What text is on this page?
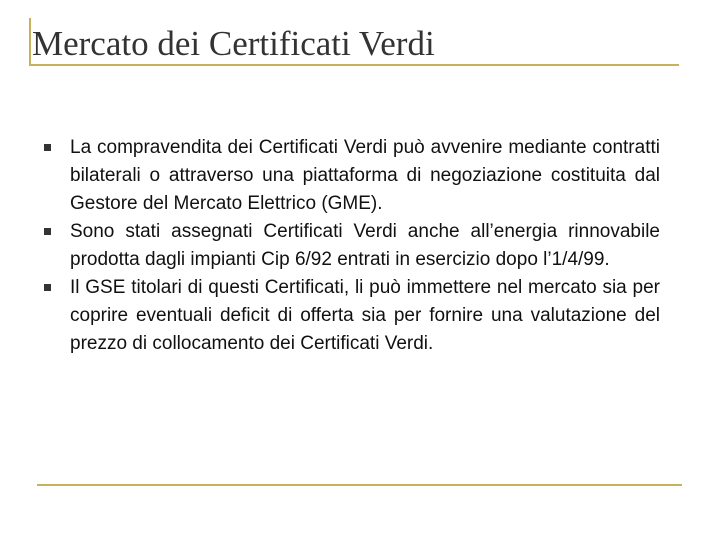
Mercato dei Certificati Verdi
La compravendita dei Certificati Verdi può avvenire mediante contratti bilaterali o attraverso una piattaforma di negoziazione costituita dal Gestore del Mercato Elettrico (GME).
Sono stati assegnati Certificati Verdi anche all’energia rinnovabile prodotta dagli impianti Cip 6/92 entrati in esercizio dopo l’1/4/99.
Il GSE titolari di questi Certificati, li può immettere nel mercato sia per coprire eventuali deficit di offerta sia per fornire una valutazione del prezzo di collocamento dei Certificati Verdi.
